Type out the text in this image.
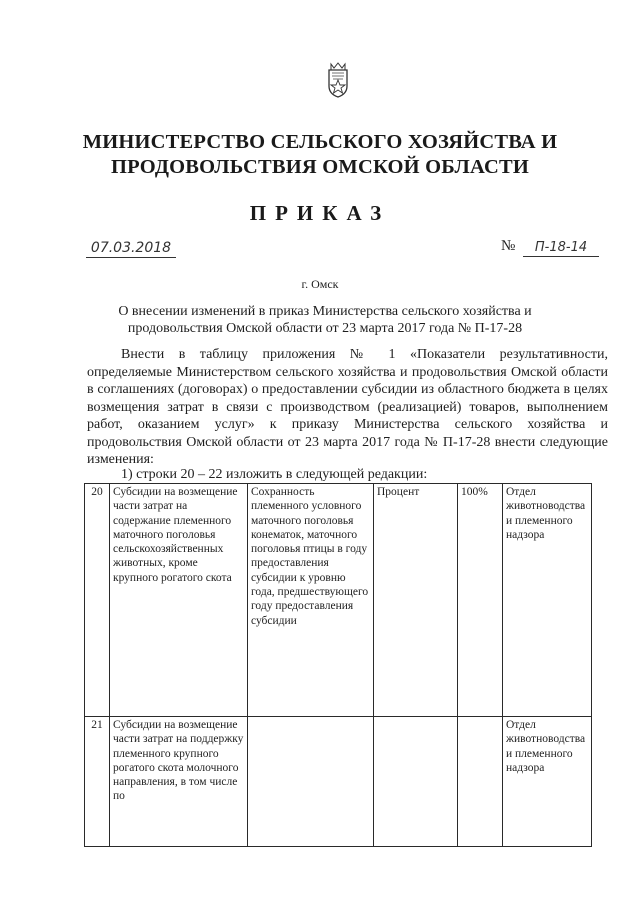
МИНИСТЕРСТВО СЕЛЬСКОГО ХОЗЯЙСТВА И
ПРОДОВОЛЬСТВИЯ ОМСКОЙ ОБЛАСТИ
ПРИКАЗ
07.03.2018	№	П-18-14
г. Омск
О внесении изменений в приказ Министерства сельского хозяйства и
продовольствия Омской области от 23 марта 2017 года № П-17-28

Внести в таблицу приложения № 1 «Показатели результативности, определяемые Министерством сельского хозяйства и продовольствия Омской области в соглашениях (договорах) о предоставлении субсидии из областного бюджета в целях возмещения затрат в связи с производством (реализацией) товаров, выполнением работ, оказанием услуг» к приказу Министерства сельского хозяйства и продовольствия Омской области от 23 марта 2017 года № П-17-28 внести следующие изменения:

1) строки 20 – 22 изложить в следующей редакции:
20	Субсидии на возмещение части затрат на содержание племенного маточного поголовья сельскохозяйственных животных, кроме крупного рогатого скота	Сохранность племенного условного маточного поголовья конематок, маточного поголовья птицы в году предоставления субсидии к уровню года, предшествующего году предоставления субсидии	Процент	100%	Отдел животноводства и племенного надзора
21	Субсидии на возмещение части затрат на поддержку племенного крупного рогатого скота молочного направления, в том числе по				Отдел животноводства и племенного надзора
